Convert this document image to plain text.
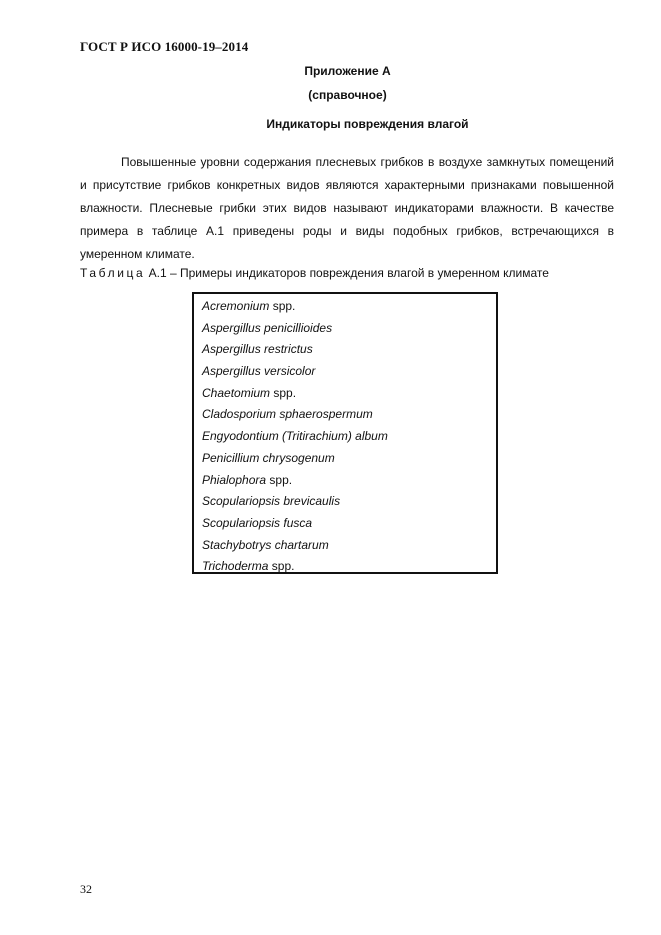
ГОСТ Р ИСО 16000-19–2014
Приложение А
(справочное)
Индикаторы повреждения влагой

Повышенные уровни содержания плесневых грибков в воздухе замкнутых помещений и присутствие грибков конкретных видов являются характерными признаками повышенной влажности. Плесневые грибки этих видов называют индикаторами влажности. В качестве примера в таблице А.1 приведены роды и виды подобных грибков, встречающихся в умеренном климате.

Таблица А.1 – Примеры индикаторов повреждения влагой в умеренном климате
Acremonium spp.
Aspergillus penicillioides
Aspergillus restrictus
Aspergillus versicolor
Chaetomium spp.
Cladosporium sphaerospermum
Engyodontium (Tritirachium) album
Penicillium chrysogenum
Phialophora spp.
Scopulariopsis brevicaulis
Scopulariopsis fusca
Stachybotrys chartarum
Trichoderma spp.
32
